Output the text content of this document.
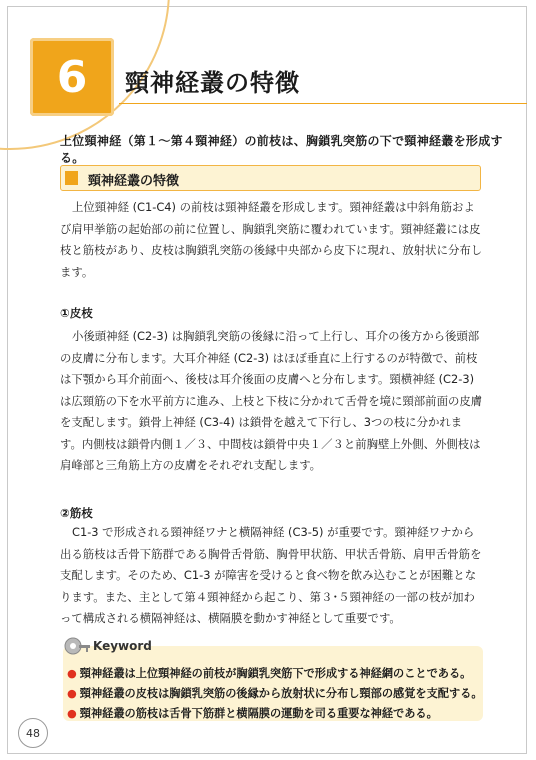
6	頸神経叢の特徴
上位頸神経（第１〜第４頸神経）の前枝は、胸鎖乳突筋の下で頸神経叢を形成する。
頸神経叢の特徴
上位頸神経 (C1-C4) の前枝は頸神経叢を形成します。頸神経叢は中斜角筋および肩甲挙筋の起始部の前に位置し、胸鎖乳突筋に覆われています。頸神経叢には皮枝と筋枝があり、皮枝は胸鎖乳突筋の後縁中央部から皮下に現れ、放射状に分布します。
①皮枝
小後頭神経 (C2-3) は胸鎖乳突筋の後縁に沿って上行し、耳介の後方から後頭部の皮膚に分布します。大耳介神経 (C2-3) はほぼ垂直に上行するのが特徴で、前枝は下顎から耳介前面へ、後枝は耳介後面の皮膚へと分布します。頸横神経 (C2-3) は広頸筋の下を水平前方に進み、上枝と下枝に分かれて舌骨を境に頸部前面の皮膚を支配します。鎖骨上神経 (C3-4) は鎖骨を越えて下行し、3つの枝に分かれます。内側枝は鎖骨内側１／３、中間枝は鎖骨中央１／３と前胸壁上外側、外側枝は肩峰部と三角筋上方の皮膚をそれぞれ支配します。
②筋枝
C1-3 で形成される頸神経ワナと横隔神経 (C3-5) が重要です。頸神経ワナから出る筋枝は舌骨下筋群である胸骨舌骨筋、胸骨甲状筋、甲状舌骨筋、肩甲舌骨筋を支配します。そのため、C1-3 が障害を受けると食べ物を飲み込むことが困難となります。また、主として第４頸神経から起こり、第３･５頸神経の一部の枝が加わって構成される横隔神経は、横隔膜を動かす神経として重要です。
Keyword
● 頸神経叢は上位頸神経の前枝が胸鎖乳突筋下で形成する神経網のことである。
● 頸神経叢の皮枝は胸鎖乳突筋の後縁から放射状に分布し頸部の感覚を支配する。
● 頸神経叢の筋枝は舌骨下筋群と横隔膜の運動を司る重要な神経である。
48
